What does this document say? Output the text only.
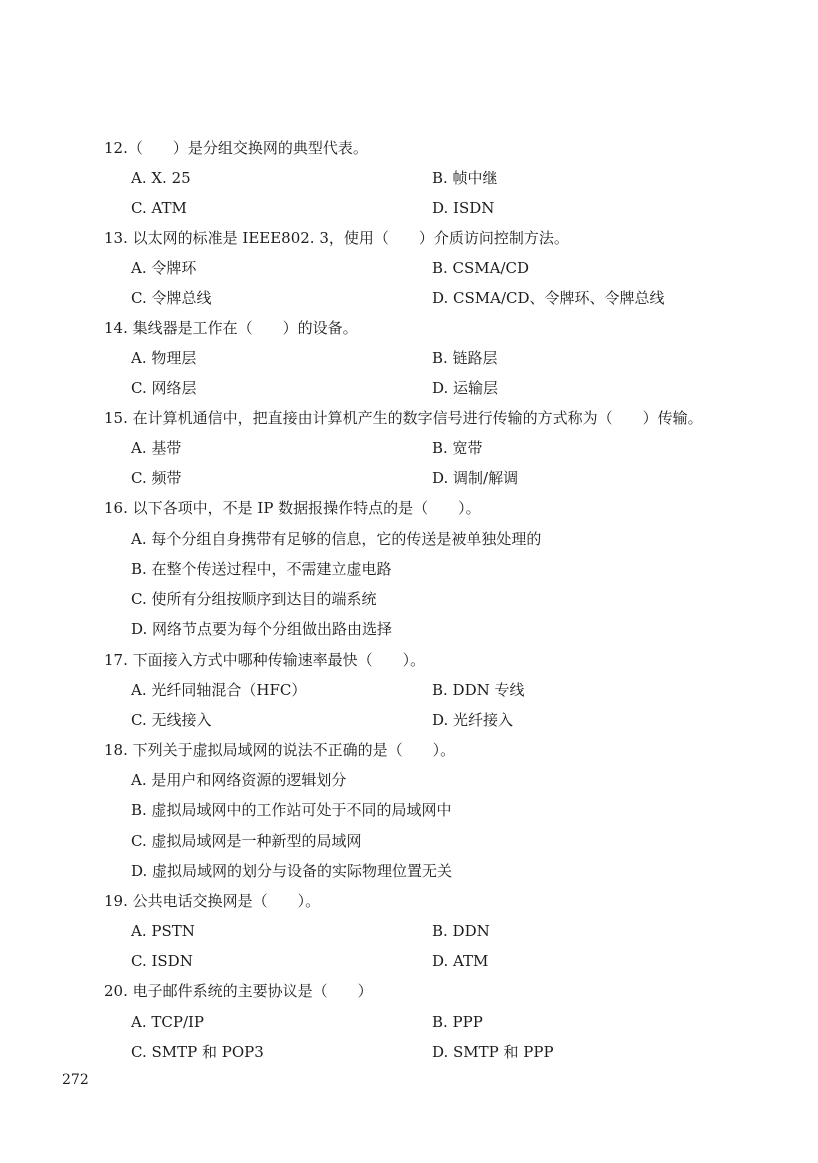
12.（　　）是分组交换网的典型代表。
A. X. 25	B. 帧中继
C. ATM	D. ISDN
13. 以太网的标准是 IEEE802. 3，使用（　　）介质访问控制方法。
A. 令牌环	B. CSMA/CD
C. 令牌总线	D. CSMA/CD、令牌环、令牌总线
14. 集线器是工作在（　　）的设备。
A. 物理层	B. 链路层
C. 网络层	D. 运输层
15. 在计算机通信中，把直接由计算机产生的数字信号进行传输的方式称为（　　）传输。
A. 基带	B. 宽带
C. 频带	D. 调制/解调
16. 以下各项中，不是 IP 数据报操作特点的是（　　）。
A. 每个分组自身携带有足够的信息，它的传送是被单独处理的
B. 在整个传送过程中，不需建立虚电路
C. 使所有分组按顺序到达目的端系统
D. 网络节点要为每个分组做出路由选择
17. 下面接入方式中哪种传输速率最快（　　）。
A. 光纤同轴混合（HFC）	B. DDN 专线
C. 无线接入	D. 光纤接入
18. 下列关于虚拟局域网的说法不正确的是（　　）。
A. 是用户和网络资源的逻辑划分
B. 虚拟局域网中的工作站可处于不同的局域网中
C. 虚拟局域网是一种新型的局域网
D. 虚拟局域网的划分与设备的实际物理位置无关
19. 公共电话交换网是（　　）。
A. PSTN	B. DDN
C. ISDN	D. ATM
20. 电子邮件系统的主要协议是（　　）
A. TCP/IP	B. PPP
C. SMTP 和 POP3	D. SMTP 和 PPP
272
